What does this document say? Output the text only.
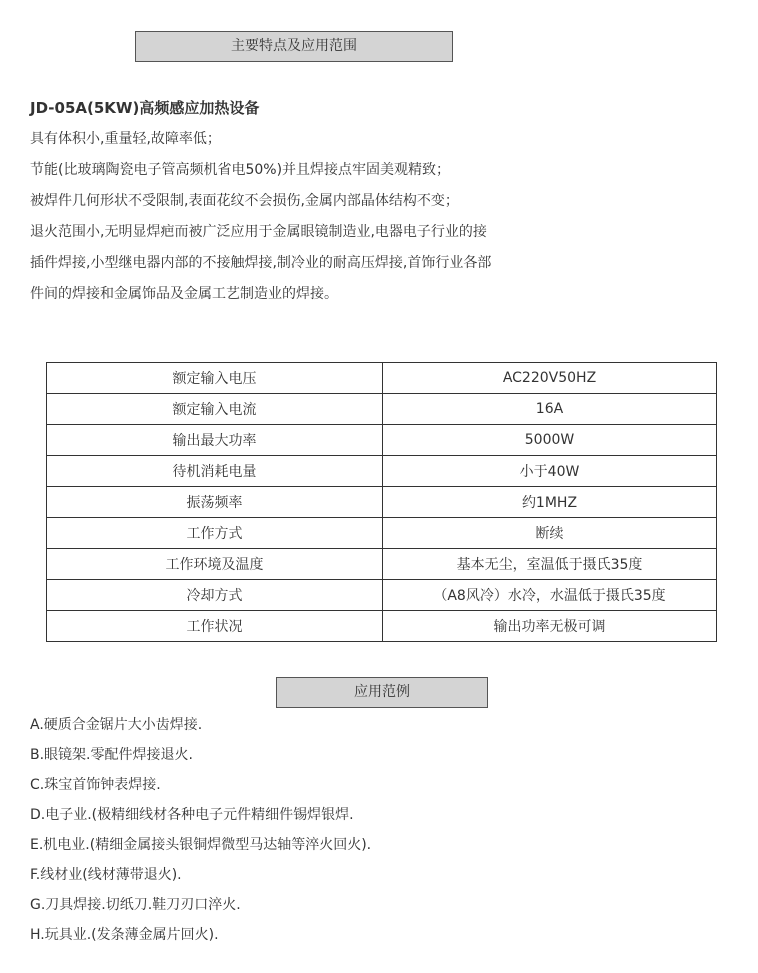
主要特点及应用范围
JD-05A(5KW)高频感应加热设备
具有体积小,重量轻,故障率低；
节能(比玻璃陶瓷电子管高频机省电50%)并且焊接点牢固美观精致；
被焊件几何形状不受限制,表面花纹不会损伤,金属内部晶体结构不变；
退火范围小,无明显焊疤而被广泛应用于金属眼镜制造业,电器电子行业的接
插件焊接,小型继电器内部的不接触焊接,制冷业的耐高压焊接,首饰行业各部
件间的焊接和金属饰品及金属工艺制造业的焊接。
额定输入电压	AC220V50HZ
额定输入电流	16A
输出最大功率	5000W
待机消耗电量	小于40W
振荡频率	约1MHZ
工作方式	断续
工作环境及温度	基本无尘，室温低于摄氏35度
冷却方式	（A8风冷）水冷，水温低于摄氏35度
工作状况	输出功率无极可调
应用范例
A.硬质合金锯片大小齿焊接.
B.眼镜架.零配件焊接退火.
C.珠宝首饰钟表焊接.
D.电子业.(极精细线材各种电子元件精细件锡焊银焊.
E.机电业.(精细金属接头银铜焊微型马达轴等淬火回火).
F.线材业(线材薄带退火).
G.刀具焊接.切纸刀.鞋刀刃口淬火.
H.玩具业.(发条薄金属片回火).
